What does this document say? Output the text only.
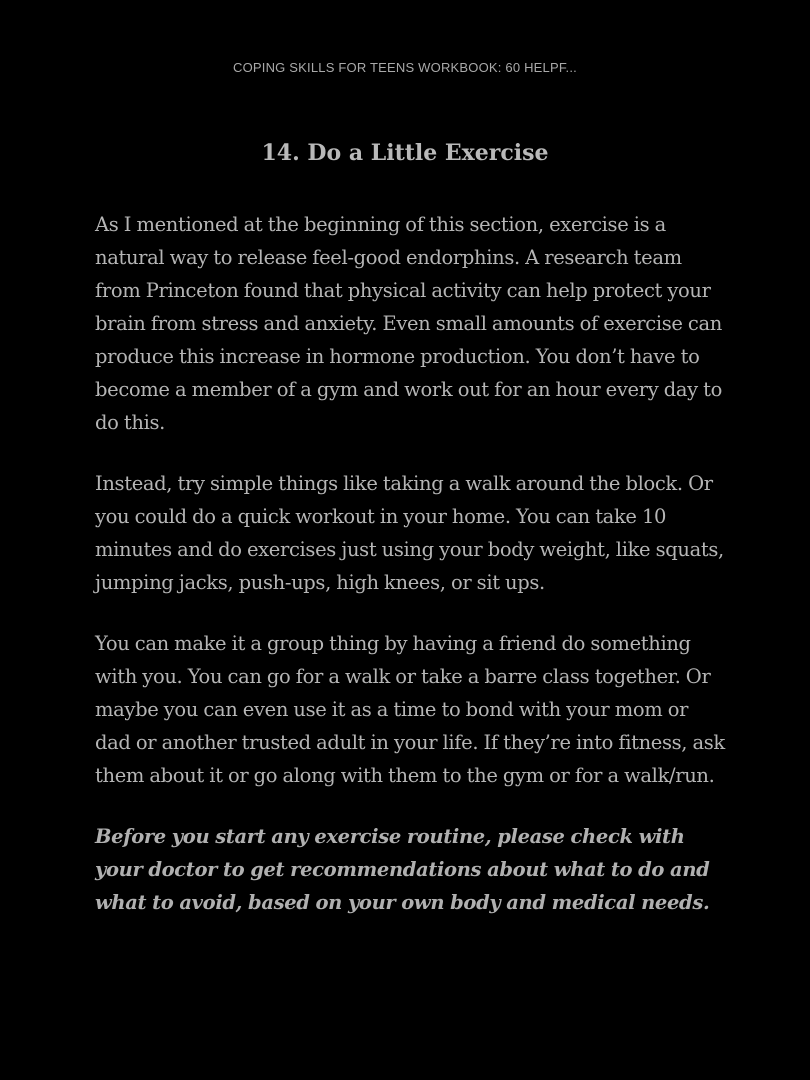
COPING SKILLS FOR TEENS WORKBOOK: 60 HELPF...
14. Do a Little Exercise

As I mentioned at the beginning of this section, exercise is a natural way to release feel-good endorphins. A research team from Princeton found that physical activity can help protect your brain from stress and anxiety. Even small amounts of exercise can produce this increase in hormone production. You don’t have to become a member of a gym and work out for an hour every day to do this.

Instead, try simple things like taking a walk around the block. Or you could do a quick workout in your home. You can take 10 minutes and do exercises just using your body weight, like squats, jumping jacks, push-ups, high knees, or sit ups.

You can make it a group thing by having a friend do something with you. You can go for a walk or take a barre class together. Or maybe you can even use it as a time to bond with your mom or dad or another trusted adult in your life. If they’re into fitness, ask them about it or go along with them to the gym or for a walk/run.

Before you start any exercise routine, please check with your doctor to get recommendations about what to do and what to avoid, based on your own body and medical needs.
